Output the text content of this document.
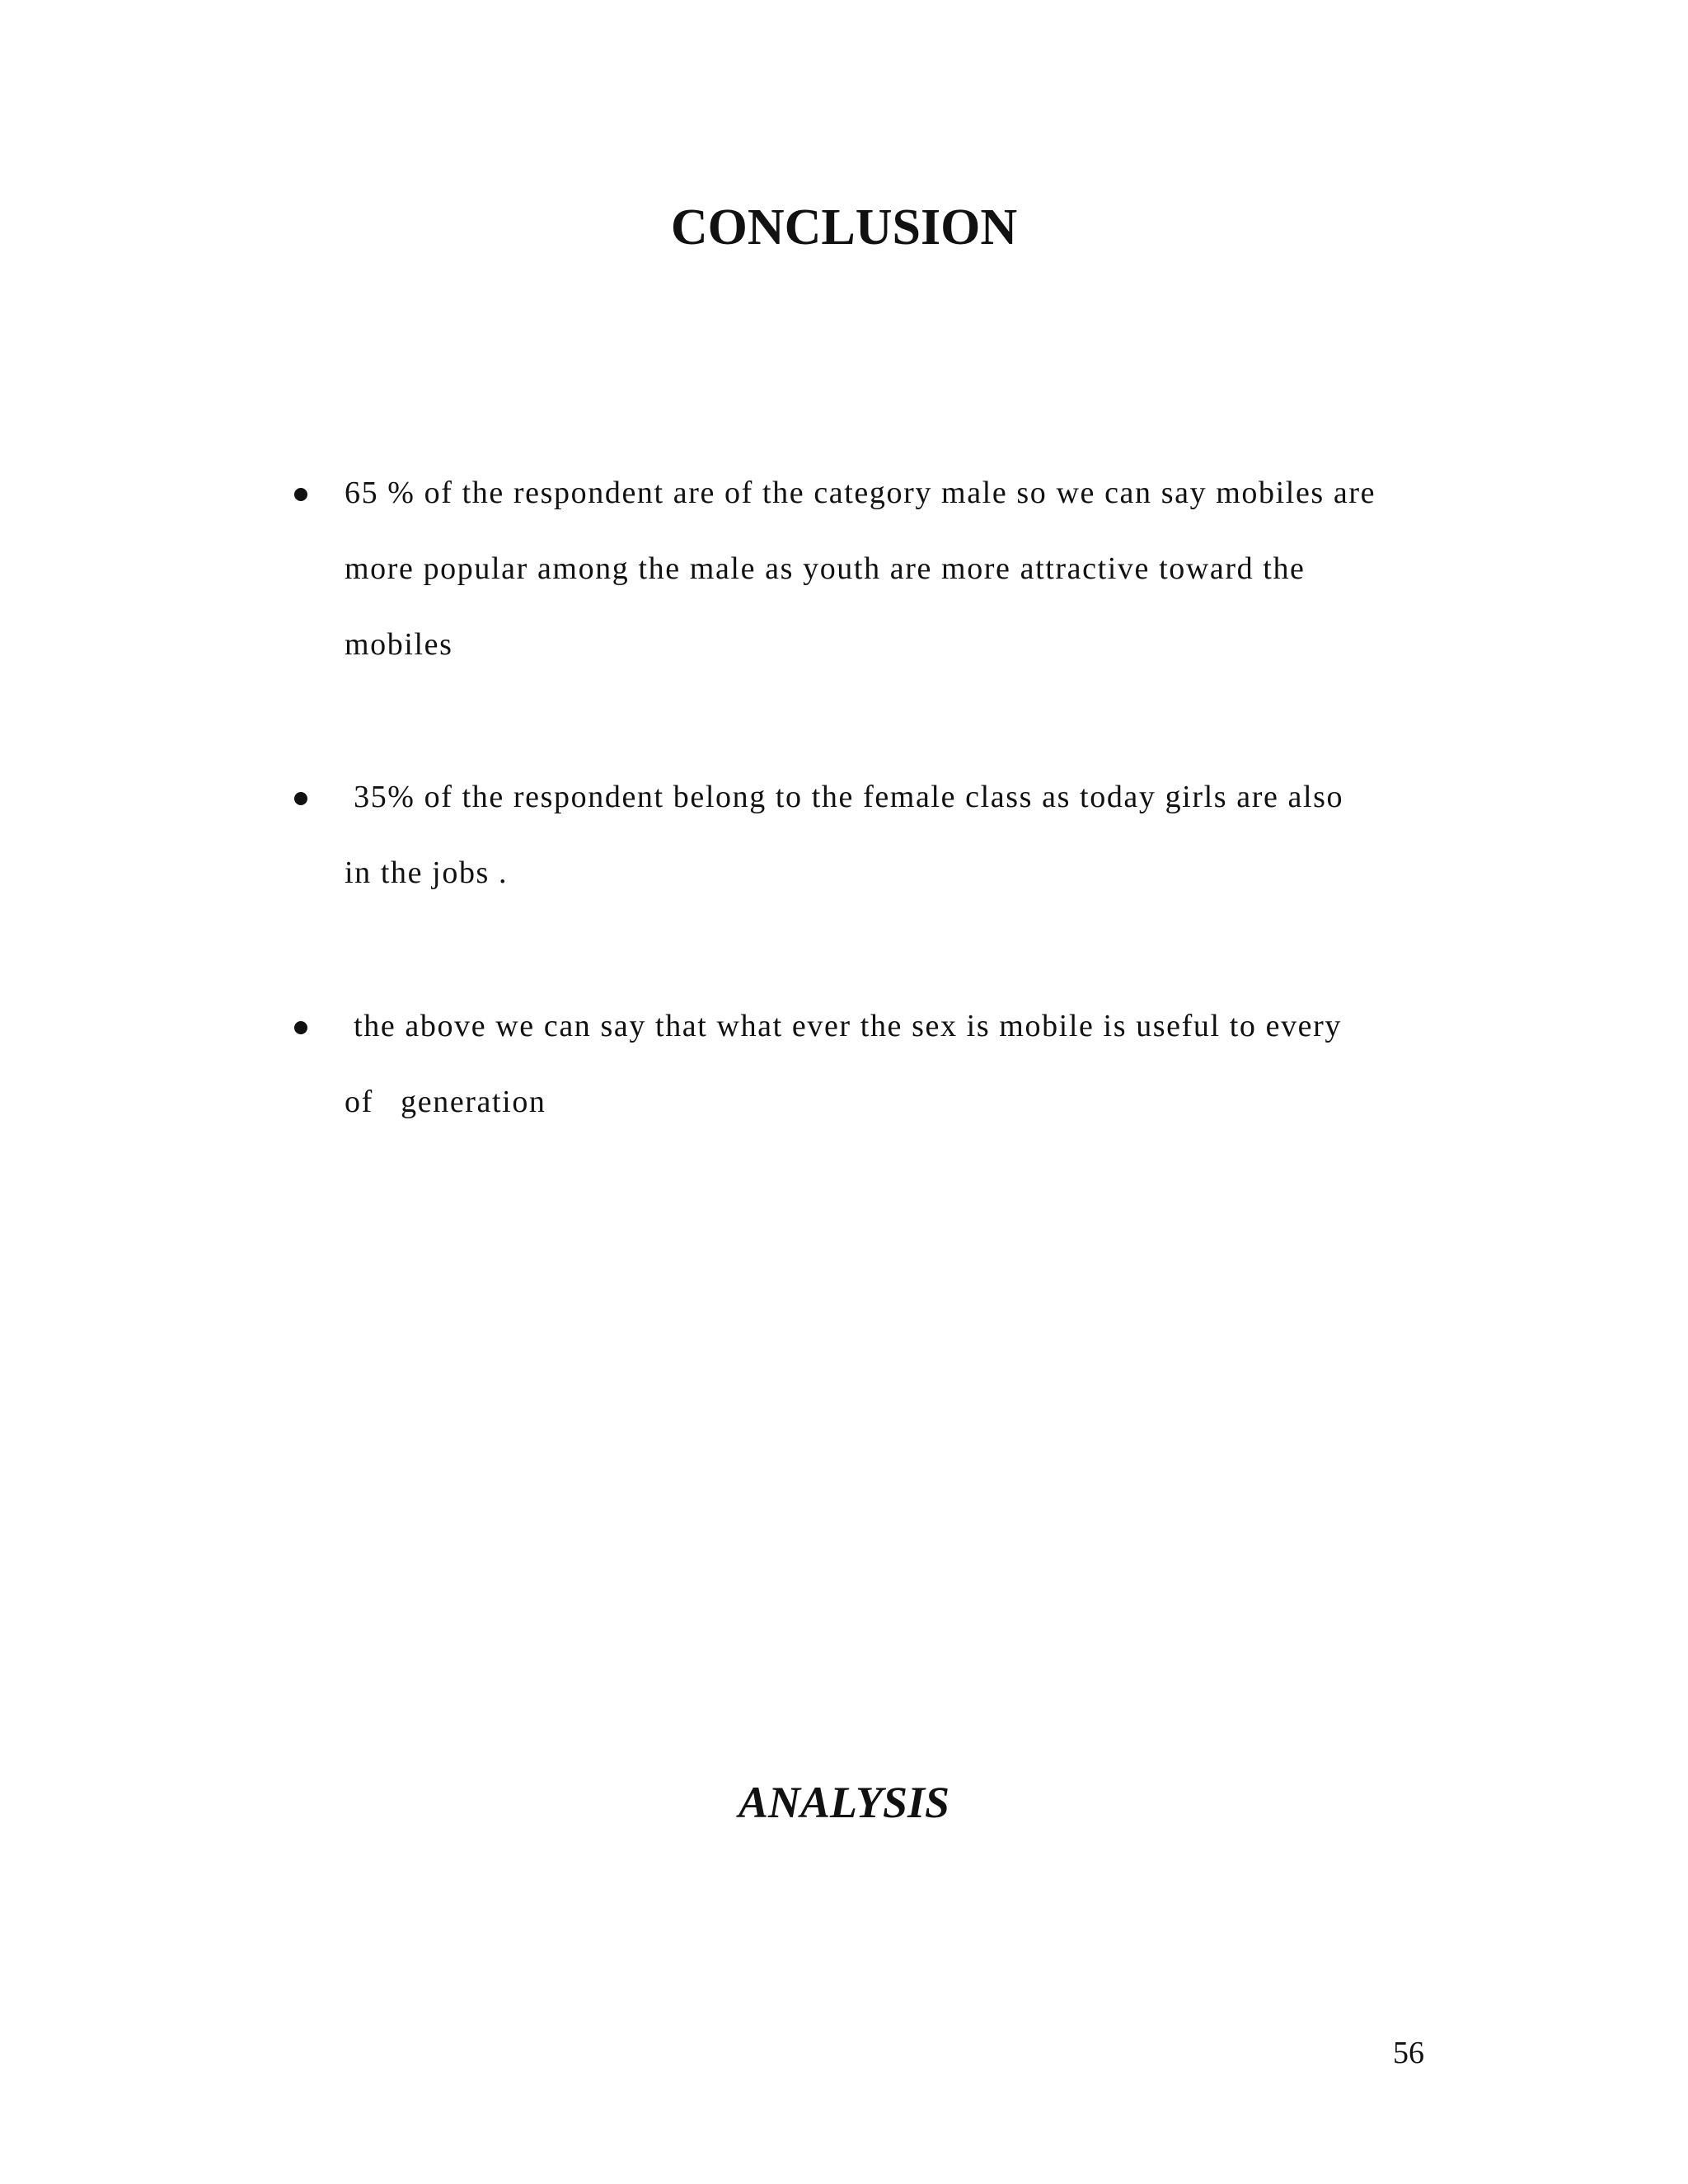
CONCLUSION
65 % of the respondent are of the category male so we can say mobiles are
more popular among the male as youth are more attractive toward the
mobiles
35% of the respondent belong to the female class as today girls are also
in the jobs .
the above we can say that what ever the sex is mobile is useful to every
of   generation
ANALYSIS
56
